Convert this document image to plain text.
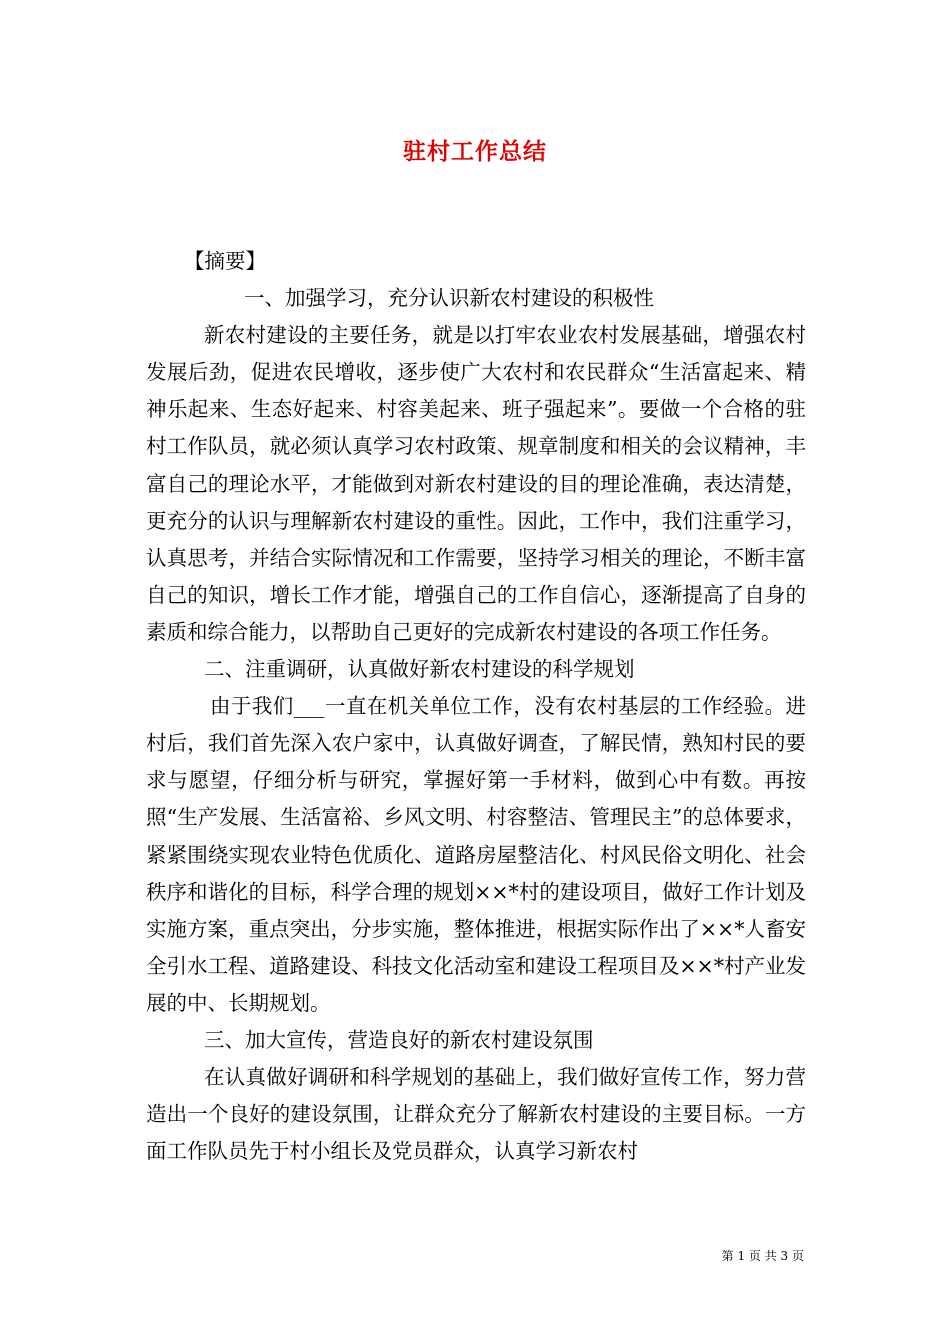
驻村工作总结

【摘要】

一、加强学习，充分认识新农村建设的积极性

新农村建设的主要任务，就是以打牢农业农村发展基础，增强农村发展后劲，促进农民增收，逐步使广大农村和农民群众“生活富起来、精神乐起来、生态好起来、村容美起来、班子强起来”。要做一个合格的驻村工作队员，就必须认真学习农村政策、规章制度和相关的会议精神，丰富自己的理论水平，才能做到对新农村建设的目的理论准确，表达清楚，更充分的认识与理解新农村建设的重性。因此，工作中，我们注重学习，认真思考，并结合实际情况和工作需要，坚持学习相关的理论，不断丰富自己的知识，增长工作才能，增强自己的工作自信心，逐渐提高了自身的素质和综合能力，以帮助自己更好的完成新农村建设的各项工作任务。

二、注重调研，认真做好新农村建设的科学规划

由于我们___一直在机关单位工作，没有农村基层的工作经验。进村后，我们首先深入农户家中，认真做好调查，了解民情，熟知村民的要求与愿望，仔细分析与研究，掌握好第一手材料，做到心中有数。再按照“生产发展、生活富裕、乡风文明、村容整洁、管理民主”的总体要求，紧紧围绕实现农业特色优质化、道路房屋整洁化、村风民俗文明化、社会秩序和谐化的目标，科学合理的规划××*村的建设项目，做好工作计划及实施方案，重点突出，分步实施，整体推进，根据实际作出了××*人畜安全引水工程、道路建设、科技文化活动室和建设工程项目及××*村产业发展的中、长期规划。

三、加大宣传，营造良好的新农村建设氛围

在认真做好调研和科学规划的基础上，我们做好宣传工作，努力营造出一个良好的建设氛围，让群众充分了解新农村建设的主要目标。一方面工作队员先于村小组长及党员群众，认真学习新农村

第 1 页 共 3 页
